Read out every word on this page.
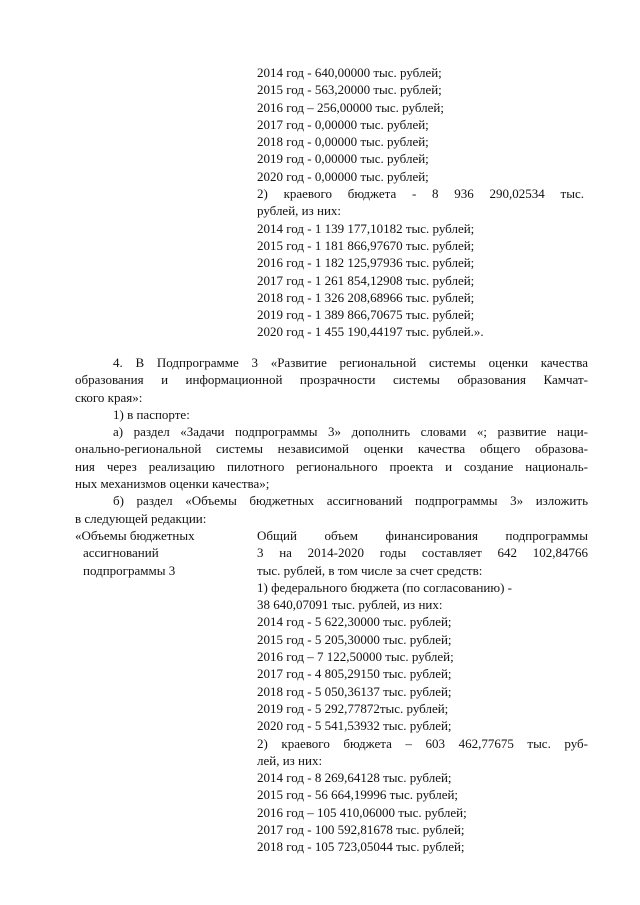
2014 год - 640,00000 тыс. рублей;
2015 год - 563,20000 тыс. рублей;
2016 год – 256,00000 тыс. рублей;
2017 год - 0,00000 тыс. рублей;
2018 год - 0,00000 тыс. рублей;
2019 год - 0,00000 тыс. рублей;
2020 год - 0,00000 тыс. рублей;
2) краевого бюджета - 8 936 290,02534 тыс.
рублей, из них:
2014 год - 1 139 177,10182 тыс. рублей;
2015 год - 1 181 866,97670 тыс. рублей;
2016 год - 1 182 125,97936 тыс. рублей;
2017 год - 1 261 854,12908 тыс. рублей;
2018 год - 1 326 208,68966 тыс. рублей;
2019 год - 1 389 866,70675 тыс. рублей;
2020 год - 1 455 190,44197 тыс. рублей.».
4. В Подпрограмме 3 «Развитие региональной системы оценки качества
образования и информационной прозрачности системы образования Камчат-
ского края»:
1) в паспорте:
а) раздел «Задачи подпрограммы 3» дополнить словами «; развитие наци-
онально-региональной системы независимой оценки качества общего образова-
ния через реализацию пилотного регионального проекта и создание националь-
ных механизмов оценки качества»;
б) раздел «Объемы бюджетных ассигнований подпрограммы 3» изложить
в следующей редакции:
«Объемы бюджетных
ассигнований
подпрограммы 3
Общий объем финансирования подпрограммы
3 на 2014-2020 годы составляет 642 102,84766
тыс. рублей, в том числе за счет средств:
1) федерального бюджета (по согласованию) -
38 640,07091 тыс. рублей, из них:
2014 год - 5 622,30000 тыс. рублей;
2015 год - 5 205,30000 тыс. рублей;
2016 год – 7 122,50000 тыс. рублей;
2017 год - 4 805,29150 тыс. рублей;
2018 год - 5 050,36137 тыс. рублей;
2019 год - 5 292,77872тыс. рублей;
2020 год - 5 541,53932 тыс. рублей;
2) краевого бюджета – 603 462,77675 тыс. руб-
лей, из них:
2014 год - 8 269,64128 тыс. рублей;
2015 год - 56 664,19996 тыс. рублей;
2016 год – 105 410,06000 тыс. рублей;
2017 год - 100 592,81678 тыс. рублей;
2018 год - 105 723,05044 тыс. рублей;
